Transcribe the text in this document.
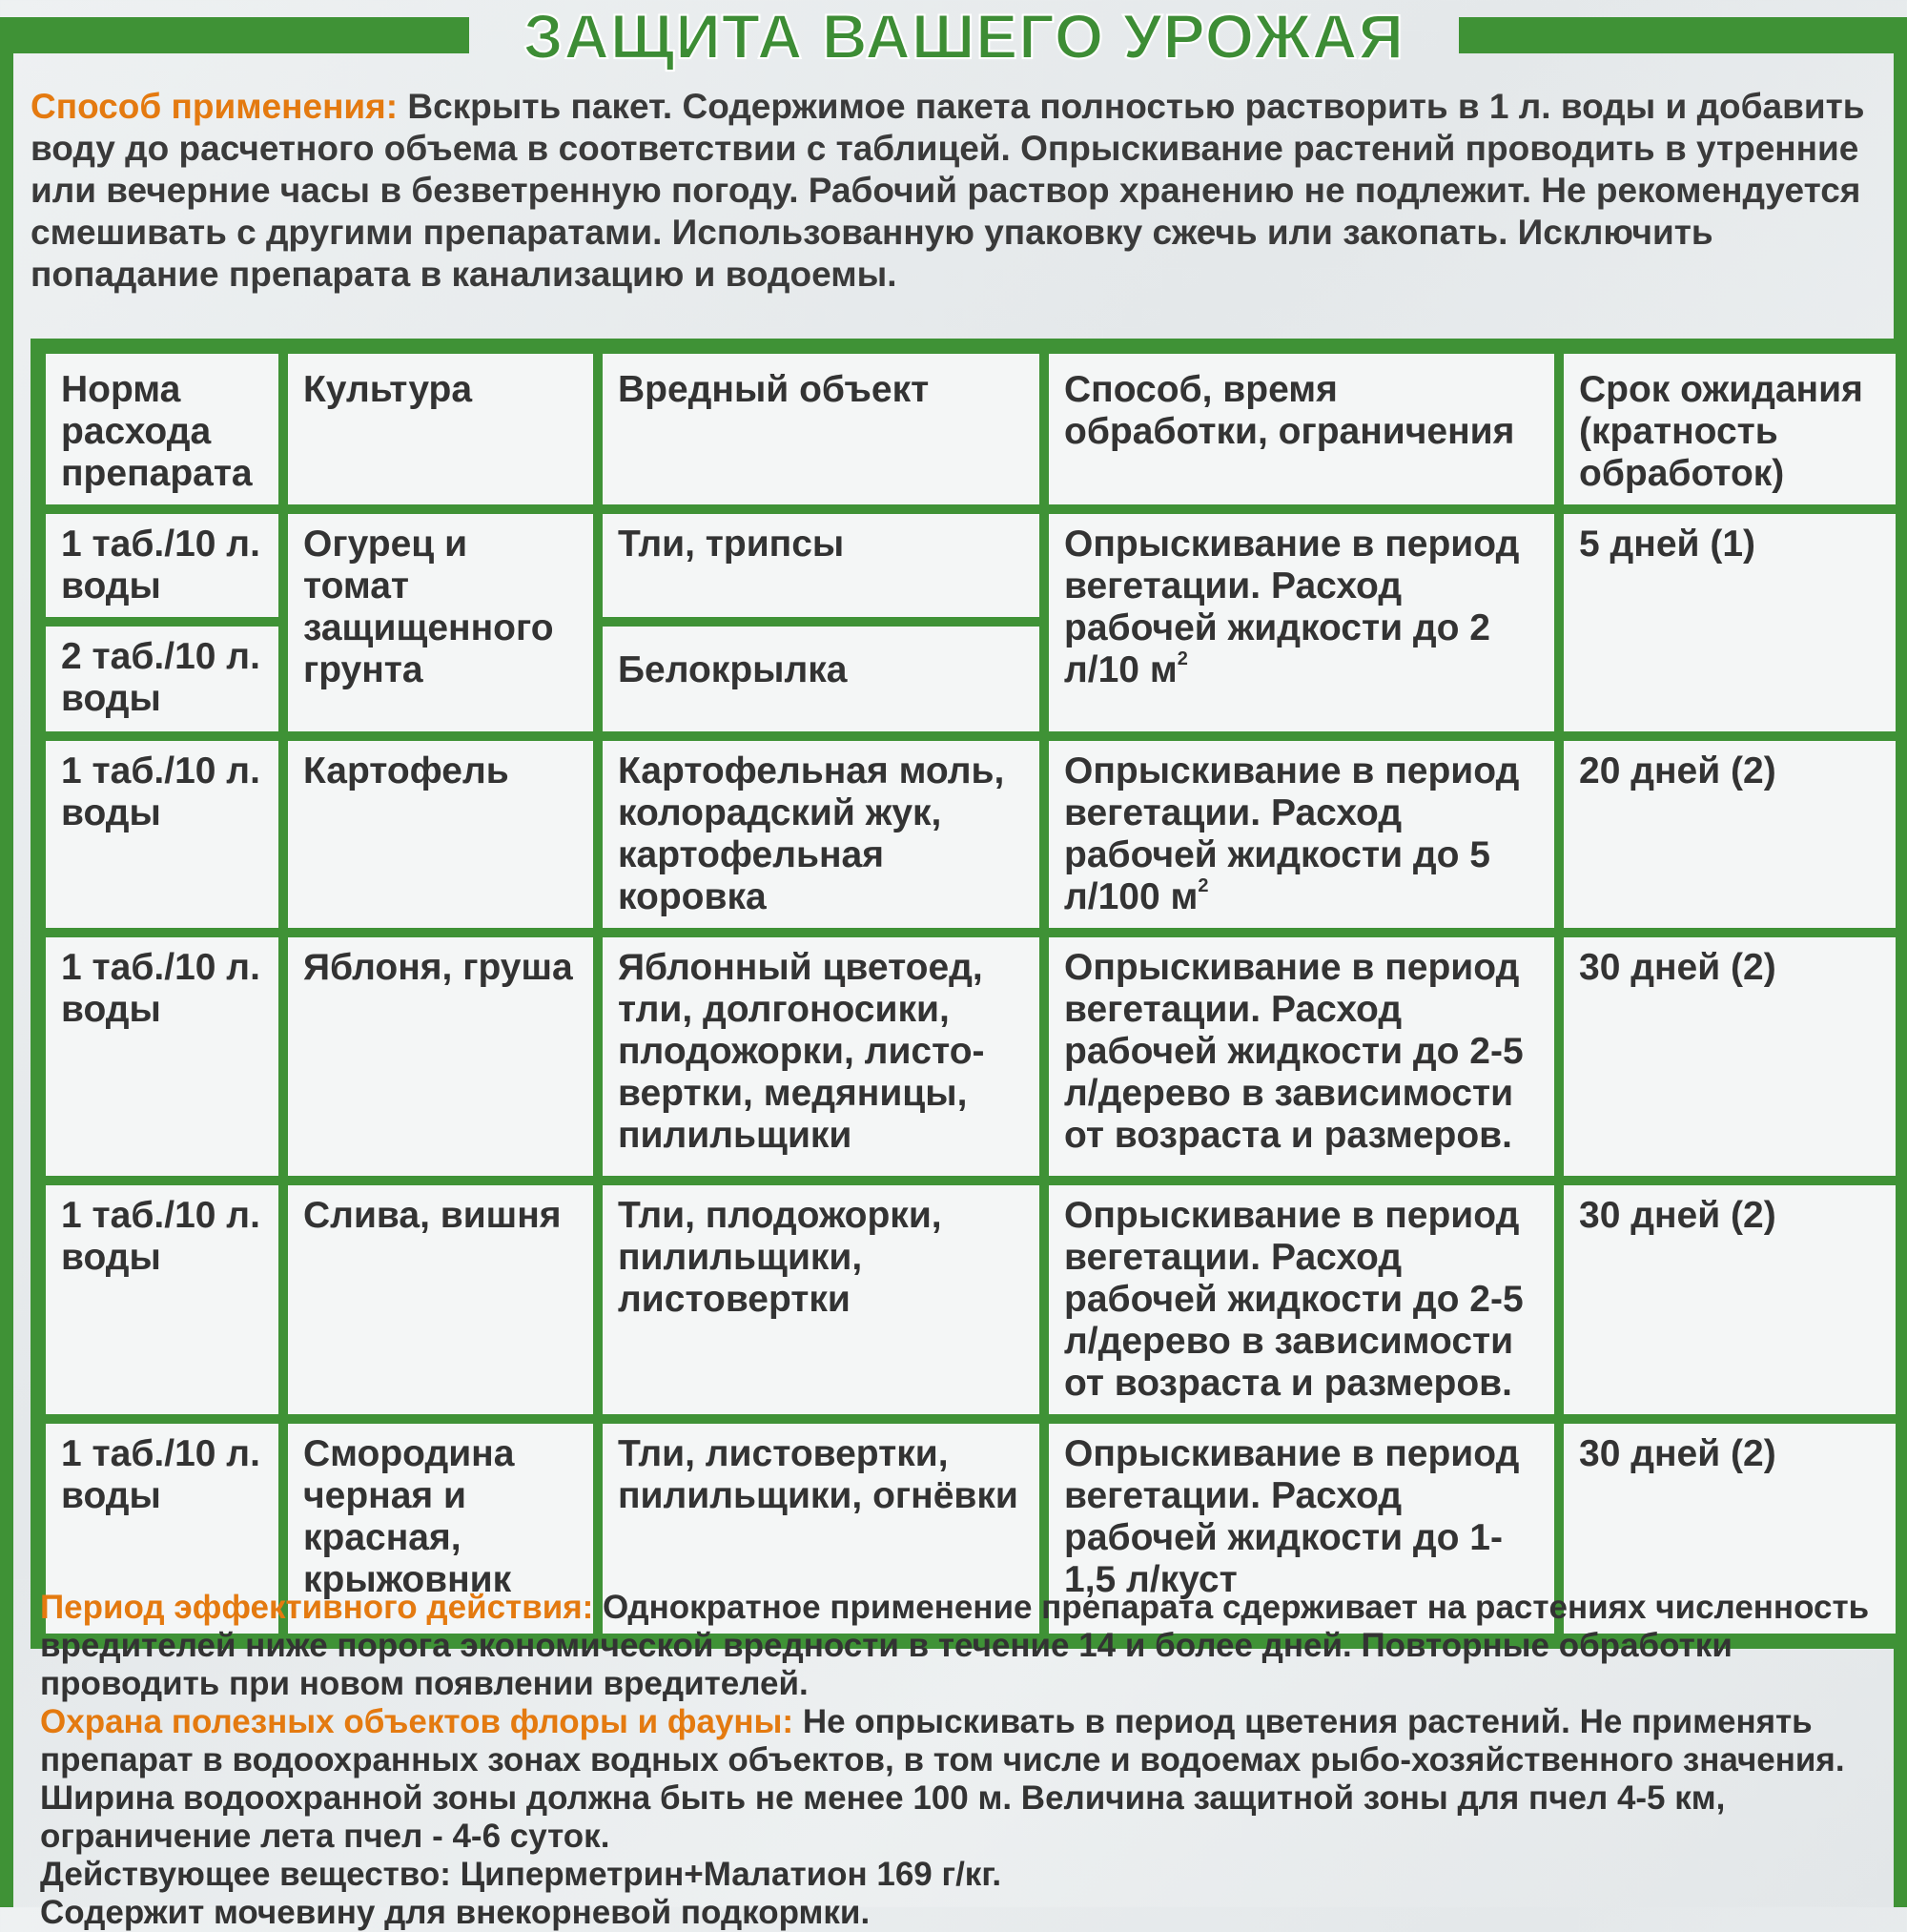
ЗАЩИТА ВАШЕГО УРОЖАЯ
Способ применения: Вскрыть пакет. Содержимое пакета полностью растворить в 1 л. воды и добавить воду до расчетного объема в соответствии с таблицей. Опрыскивание растений проводить в утренние или вечерние часы в безветренную погоду. Рабочий раствор хранению не подлежит. Не рекомендуется смешивать с другими препаратами. Использованную упаковку сжечь или закопать. Исключить попадание препарата в канализацию и водоемы.
Норма расхода препарата	Культура	Вредный объект	Способ, время обработки, ограничения	Срок ожидания (кратность обработок)
1 таб./10 л. воды	Огурец и томат защищенного грунта	Тли, трипсы	Опрыскивание в период вегетации. Расход рабочей жидкости до 2 л/10 $м^2$	5 дней (1)
2 таб./10 л. воды		Белокрылка		
1 таб./10 л. воды	Картофель	Картофельная моль, колорадский жук, картофельная коровка	Опрыскивание в период вегетации. Расход рабочей жидкости до 5 л/100 $м^2$	20 дней (2)
1 таб./10 л. воды	Яблоня, груша	Яблонный цветоед, тли, долгоносики, плодожорки, листо-вертки, медяницы, пилильщики	Опрыскивание в период вегетации. Расход рабочей жидкости до 2-5 л/дерево в зависимости от возраста и размеров.	30 дней (2)
1 таб./10 л. воды	Слива, вишня	Тли, плодожорки, пилильщики, листовертки	Опрыскивание в период вегетации. Расход рабочей жидкости до 2-5 л/дерево в зависимости от возраста и размеров.	30 дней (2)
1 таб./10 л. воды	Смородина черная и красная, крыжовник	Тли, листовертки, пилильщики, огнёвки	Опрыскивание в период вегетации. Расход рабочей жидкости до 1-1,5 л/куст	30 дней (2)

Период эффективного действия: Однократное применение препарата сдерживает на растениях численность вредителей ниже порога экономической вредности в течение 14 и более дней. Повторные обработки проводить при новом появлении вредителей.

Охрана полезных объектов флоры и фауны: Не опрыскивать в период цветения растений. Не применять препарат в водоохранных зонах водных объектов, в том числе и водоемах рыбо-хозяйственного значения. Ширина водоохранной зоны должна быть не менее 100 м. Величина защитной зоны для пчел 4-5 км, ограничение лета пчел - 4-6 суток.

Действующее вещество: Циперметрин+Малатион 169 г/кг.

Содержит мочевину для внекорневой подкормки.
